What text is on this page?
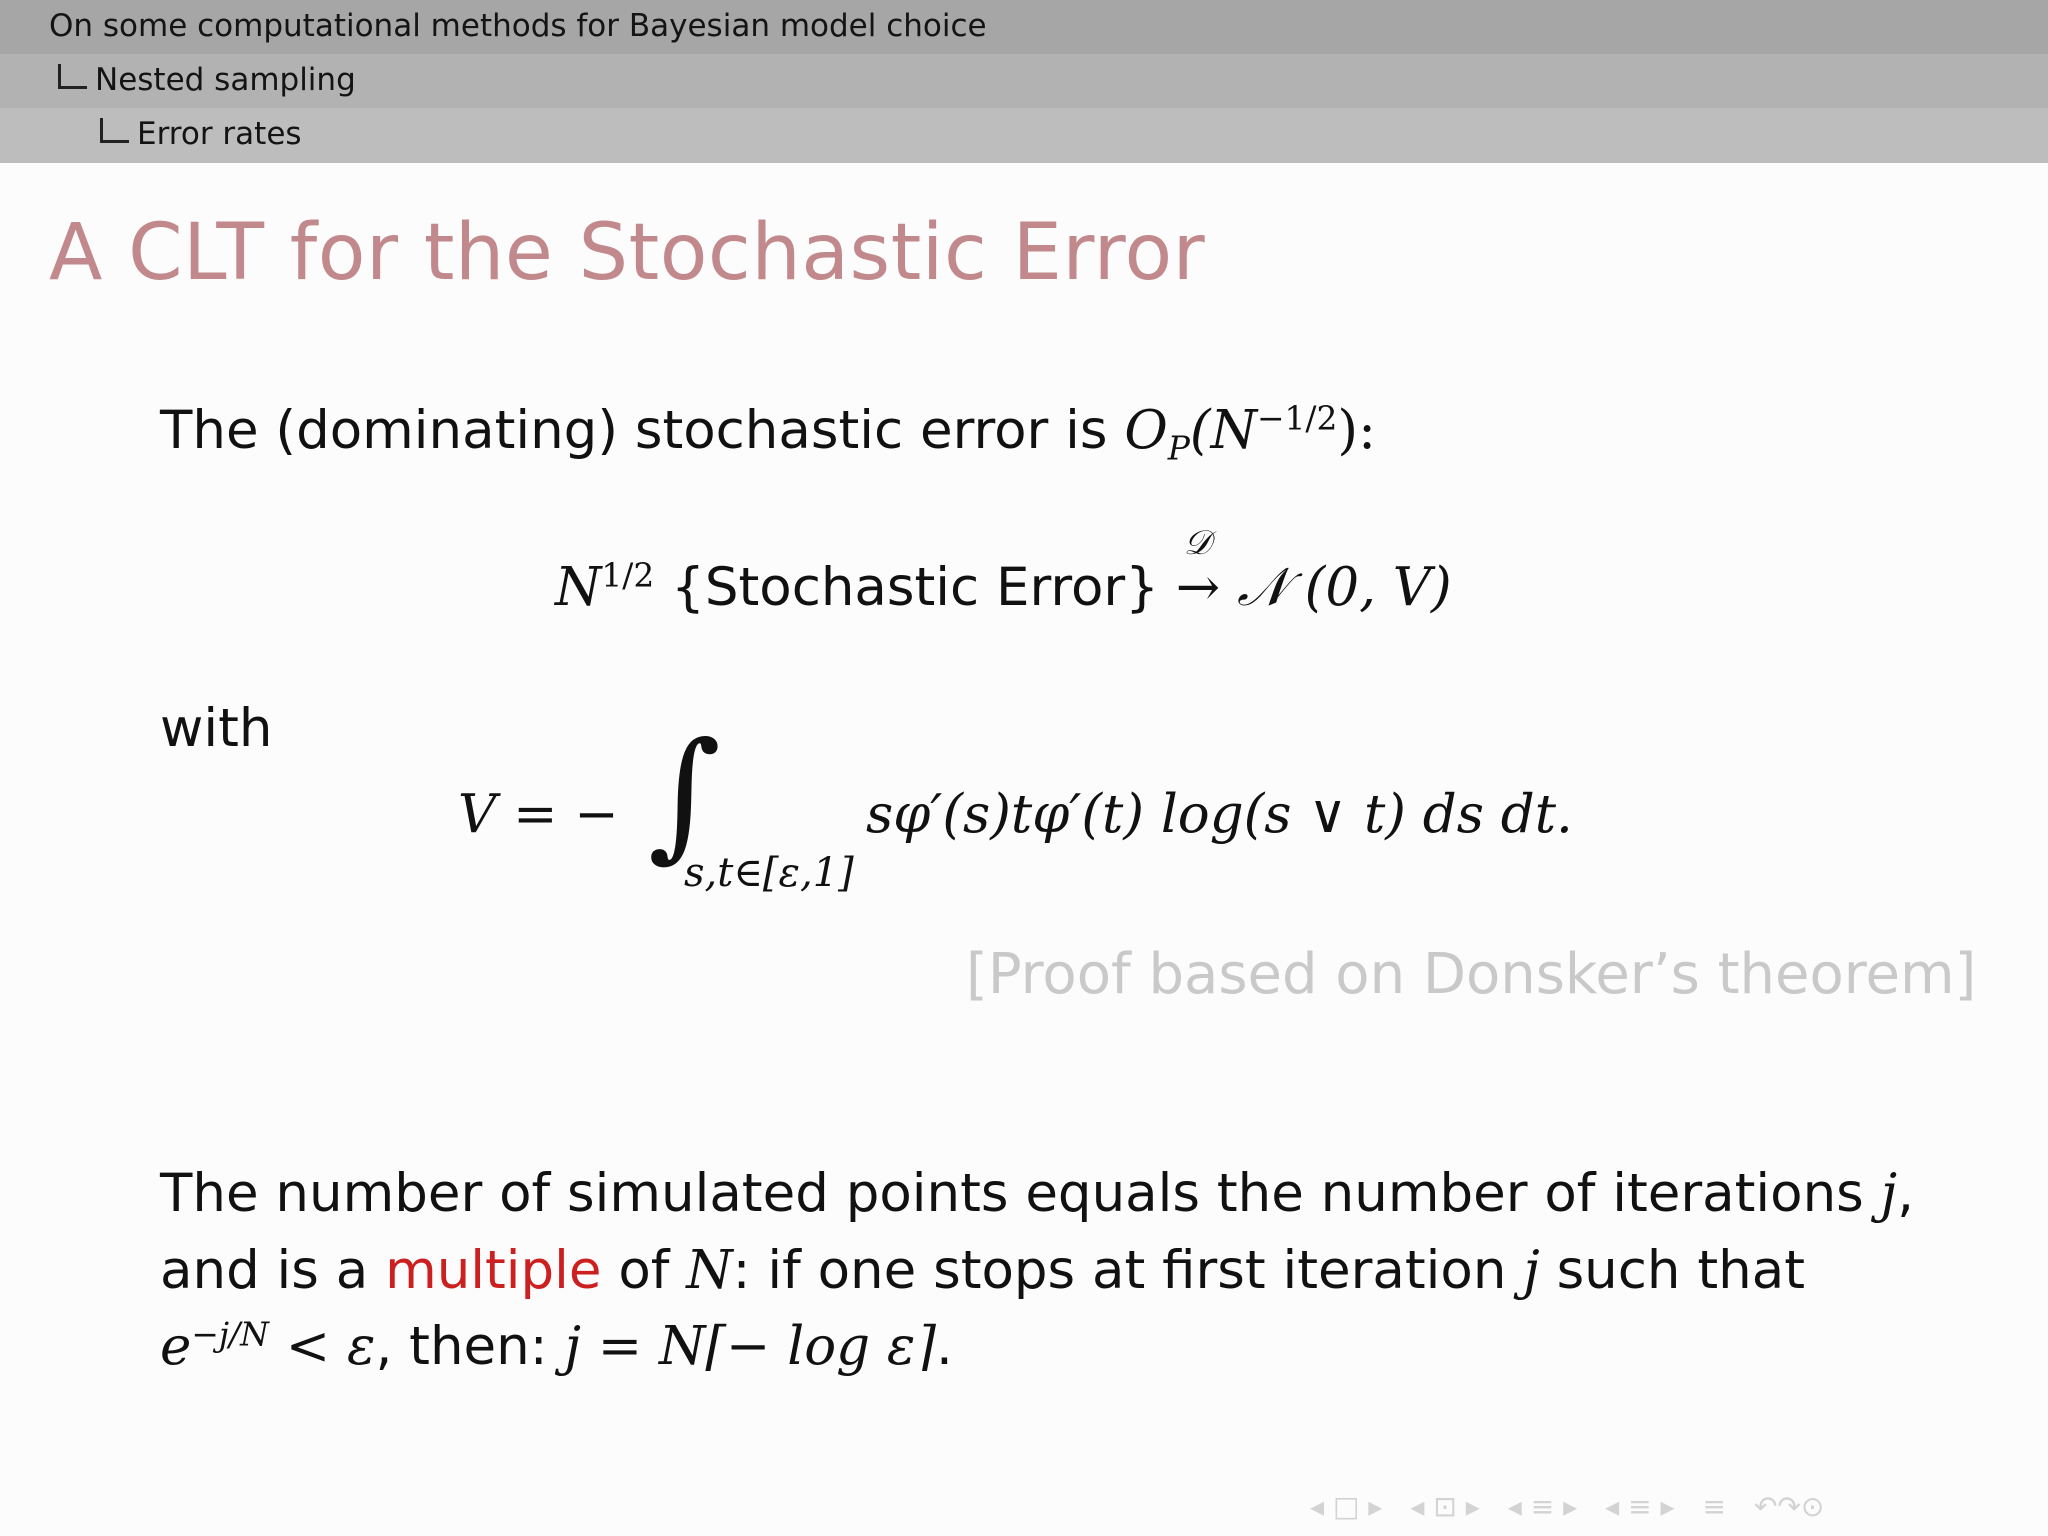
On some computational methods for Bayesian model choice
Nested sampling
Error rates
A CLT for the Stochastic Error
The (dominating) stochastic error is $O_P(N^{-1/2})$:
$N^{1/2}$ {Stochastic Error}
𝒟
→ 𝒩 (0, V)
with
V = − ∫
s,t∈[ε,1]
sφ′(s)tφ′(t) log(s ∨ t) ds dt.
[Proof based on Donsker’s theorem]
The number of simulated points equals the number of iterations j,
and is a multiple of N: if one stops at first iteration j such that
$e^{-j/N} < \varepsilon$, then: j = N⌈− log ε⌉.
◂ □ ▸ ◂ ⊡ ▸ ◂ ≡ ▸ ◂ ≡ ▸ ≡ ↶↷⊙
